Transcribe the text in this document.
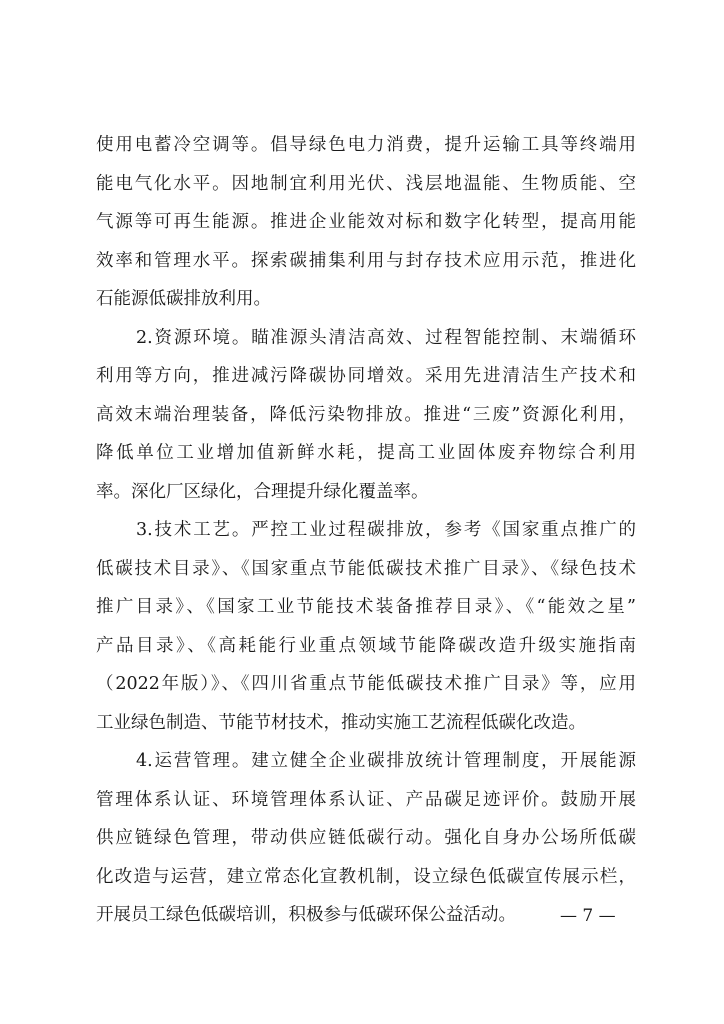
使用电蓄冷空调等。倡导绿色电力消费，提升运输工具等终端用
能电气化水平。因地制宜利用光伏、浅层地温能、生物质能、空
气源等可再生能源。推进企业能效对标和数字化转型，提高用能
效率和管理水平。探索碳捕集利用与封存技术应用示范，推进化
石能源低碳排放利用。
2.资源环境。瞄准源头清洁高效、过程智能控制、末端循环
利用等方向，推进减污降碳协同增效。采用先进清洁生产技术和
高效末端治理装备，降低污染物排放。推进“三废”资源化利用，
降低单位工业增加值新鲜水耗，提高工业固体废弃物综合利用
率。深化厂区绿化，合理提升绿化覆盖率。
3.技术工艺。严控工业过程碳排放，参考《国家重点推广的
低碳技术目录》、《国家重点节能低碳技术推广目录》、《绿色技术
推广目录》、《国家工业节能技术装备推荐目录》、《“能效之星”
产品目录》、《高耗能行业重点领域节能降碳改造升级实施指南
（2022年版）》、《四川省重点节能低碳技术推广目录》等，应用
工业绿色制造、节能节材技术，推动实施工艺流程低碳化改造。
4.运营管理。建立健全企业碳排放统计管理制度，开展能源
管理体系认证、环境管理体系认证、产品碳足迹评价。鼓励开展
供应链绿色管理，带动供应链低碳行动。强化自身办公场所低碳
化改造与运营，建立常态化宣教机制，设立绿色低碳宣传展示栏，
开展员工绿色低碳培训，积极参与低碳环保公益活动。	— 7 —
